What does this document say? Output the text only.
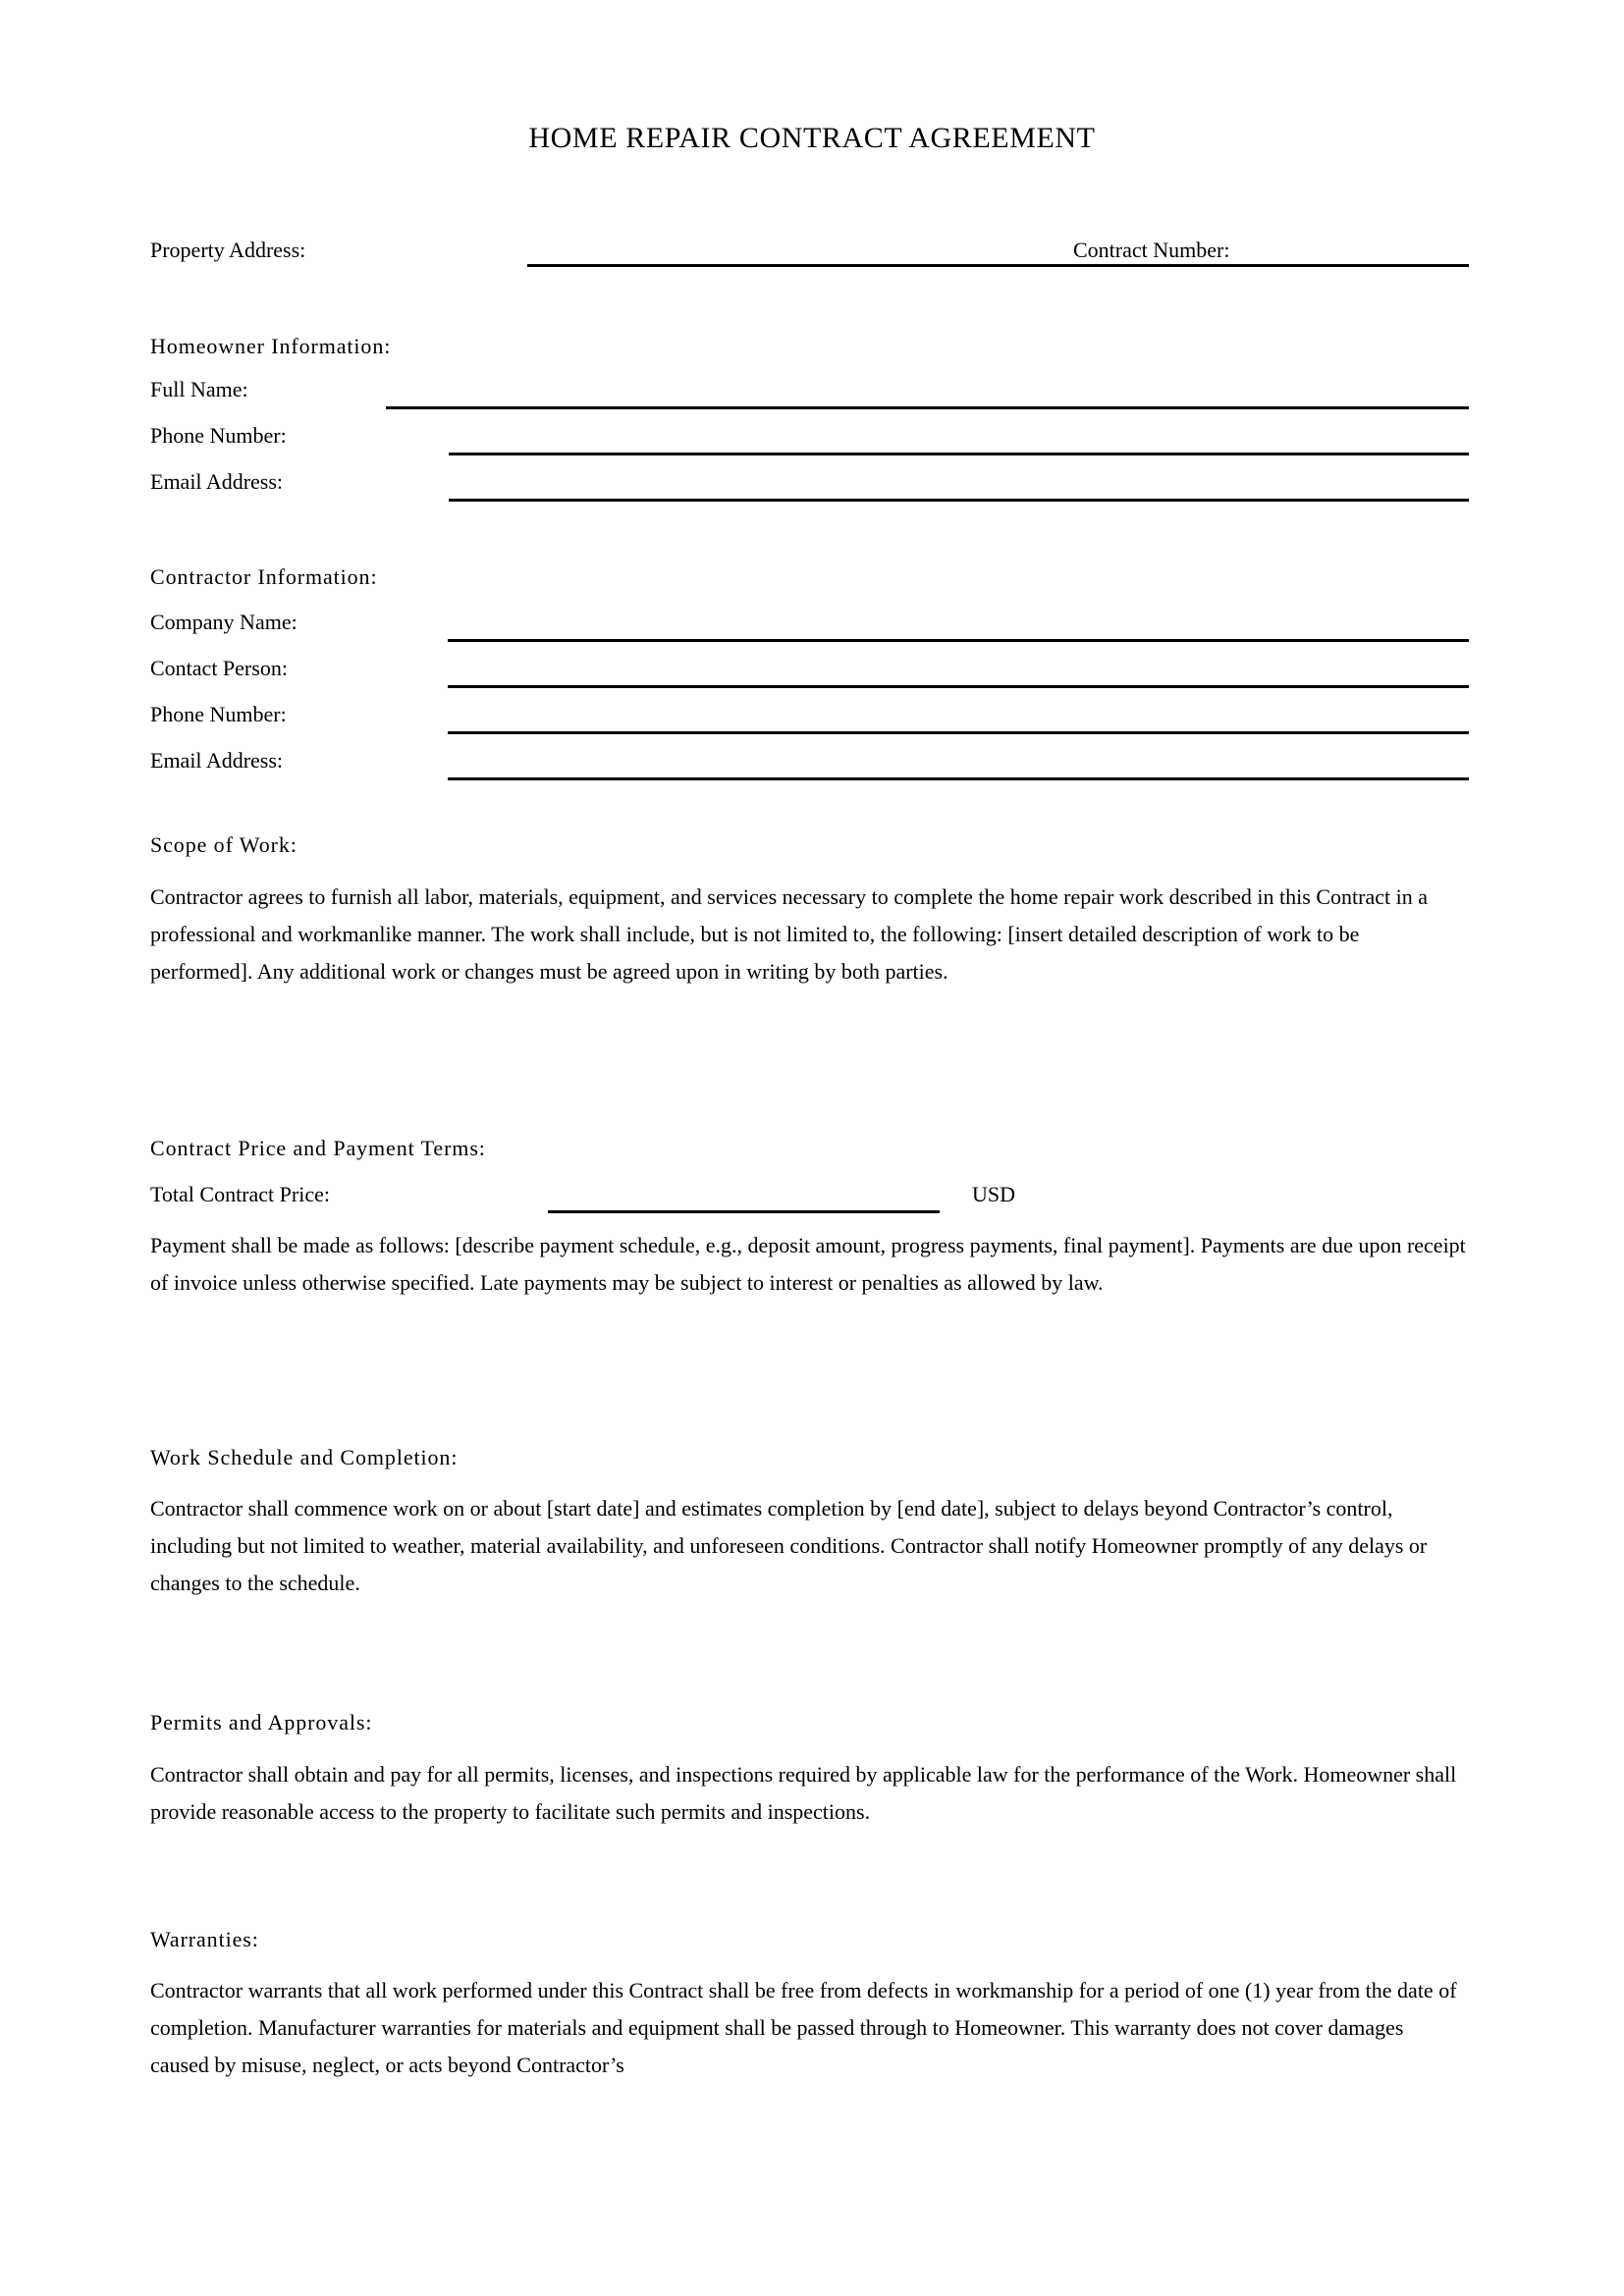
HOME REPAIR CONTRACT AGREEMENT
Property Address:	Contract Number:
Homeowner Information:
Full Name:
Phone Number:
Email Address:
Contractor Information:
Company Name:
Contact Person:
Phone Number:
Email Address:
Scope of Work:

Contractor agrees to furnish all labor, materials, equipment, and services necessary to complete the home repair work described in this Contract in a professional and workmanlike manner. The work shall include, but is not limited to, the following: [insert detailed description of work to be performed]. Any additional work or changes must be agreed upon in writing by both parties.

Contract Price and Payment Terms:
Total Contract Price:	USD

Payment shall be made as follows: [describe payment schedule, e.g., deposit amount, progress payments, final payment]. Payments are due upon receipt of invoice unless otherwise specified. Late payments may be subject to interest or penalties as allowed by law.

Work Schedule and Completion:

Contractor shall commence work on or about [start date] and estimates completion by [end date], subject to delays beyond Contractor’s control, including but not limited to weather, material availability, and unforeseen conditions. Contractor shall notify Homeowner promptly of any delays or changes to the schedule.

Permits and Approvals:

Contractor shall obtain and pay for all permits, licenses, and inspections required by applicable law for the performance of the Work. Homeowner shall provide reasonable access to the property to facilitate such permits and inspections.

Warranties:

Contractor warrants that all work performed under this Contract shall be free from defects in workmanship for a period of one (1) year from the date of completion. Manufacturer warranties for materials and equipment shall be passed through to Homeowner. This warranty does not cover damages caused by misuse, neglect, or acts beyond Contractor’s
